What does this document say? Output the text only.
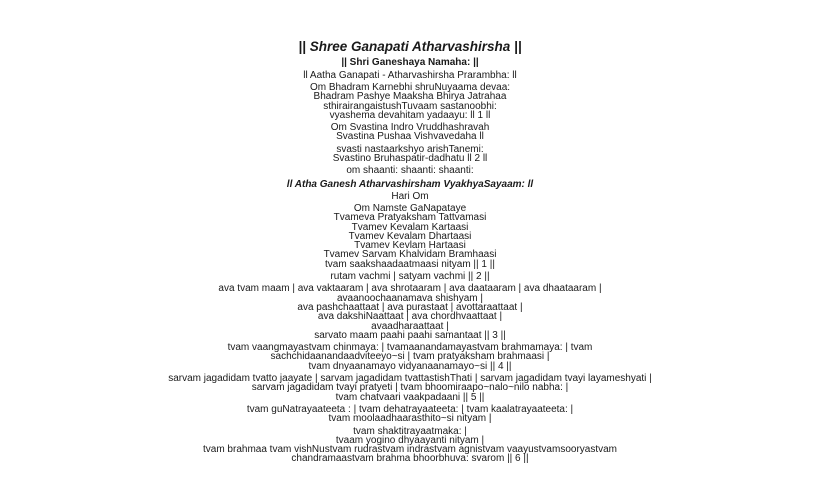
|| Shree Ganapati Atharvashirsha ||
|| Shri Ganeshaya Namaha: ||
ll Aatha Ganapati - Atharvashirsha Prarambha: ll
Om Bhadram Karnebhi shruNuyaama devaa:
Bhadram Pashye Maaksha Bhirya Jatrahaa
sthirairangaistushTuvaam sastanoobhi:
vyashema devahitam yadaayu: ll 1 ll
Om Svastina Indro Vruddhashravah
Svastina Pushaa Vishvavedaha ll
svasti nastaarkshyo arishTanemi:
Svastino Bruhaspatir-dadhatu ll 2 ll
om shaanti: shaanti: shaanti:
ll Atha Ganesh Atharvashirsham VyakhyaSayaam: ll
Hari Om
Om Namste GaNapataye
Tvameva Pratyaksham Tattvamasi
Tvamev Kevalam Kartaasi
Tvamev Kevalam Dhartaasi
Tvamev Kevlam Hartaasi
Tvamev Sarvam Khalvidam Bramhaasi
tvam saakshaadaatmaasi nityam || 1 ||
rutam vachmi | satyam vachmi || 2 ||
ava tvam maam | ava vaktaaram | ava shrotaaram | ava daataaram | ava dhaataaram |
avaanoochaanamava shishyam |
ava pashchaattaat | ava purastaat | avottaraattaat |
ava dakshiNaattaat | ava chordhvaattaat |
avaadharaattaat |
sarvato maam paahi paahi samantaat || 3 ||
tvam vaangmayastvam chinmaya: | tvamaanandamayastvam brahmamaya: | tvam
sachchidaanandaadviteeyo~si | tvam pratyaksham brahmaasi |
tvam dnyaanamayo vidyanaanamayo~si || 4 ||
sarvam jagadidam tvatto jaayate | sarvam jagadidam tvattastishThati | sarvam jagadidam tvayi layameshyati |
sarvam jagadidam tvayi pratyeti | tvam bhoomiraapo~nalo~nilo nabha: |
tvam chatvaari vaakpadaani || 5 ||
tvam guNatrayaateeta : | tvam dehatrayaateeta: | tvam kaalatrayaateeta: |
tvam moolaadhaarasthito~si nityam |
tvam shaktitrayaatmaka: |
tvaam yogino dhyaayanti nityam |
tvam brahmaa tvam vishNustvam rudrastvam indrastvam agnistvam vaayustvamsooryastvam
chandramaastvam brahma bhoorbhuva: svarom || 6 ||
